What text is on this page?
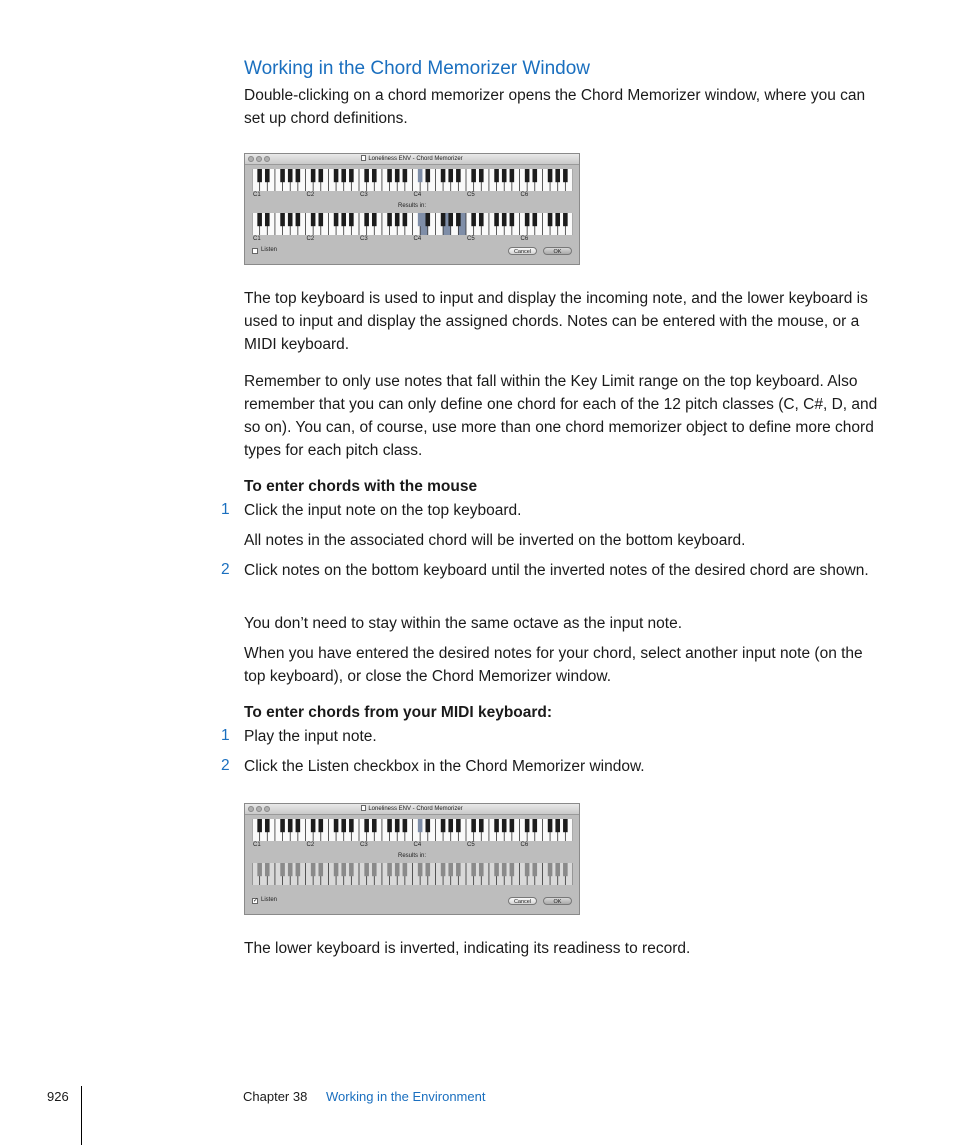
Working in the Chord Memorizer Window

Double-clicking on a chord memorizer opens the Chord Memorizer window, where you can set up chord definitions.

Loneliness ENV - Chord Memorizer
C1	C2	C3	C4	C5	C6
Results in:
C1	C2	C3	C4	C5	C6
Listen	Cancel	OK

The top keyboard is used to input and display the incoming note, and the lower keyboard is used to input and display the assigned chords. Notes can be entered with the mouse, or a MIDI keyboard.

Remember to only use notes that fall within the Key Limit range on the top keyboard. Also remember that you can only define one chord for each of the 12 pitch classes (C, C#, D, and so on). You can, of course, use more than one chord memorizer object to define more chord types for each pitch class.

To enter chords with the mouse

1 Click the input note on the top keyboard.

All notes in the associated chord will be inverted on the bottom keyboard.

2 Click notes on the bottom keyboard until the inverted notes of the desired chord are shown.

You don’t need to stay within the same octave as the input note.

When you have entered the desired notes for your chord, select another input note (on the top keyboard), or close the Chord Memorizer window.

To enter chords from your MIDI keyboard:

1 Play the input note.

2 Click the Listen checkbox in the Chord Memorizer window.

Loneliness ENV - Chord Memorizer
C1	C2	C3	C4	C5	C6
Results in:
✓ Listen	Cancel	OK

The lower keyboard is inverted, indicating its readiness to record.

926	Chapter 38 Working in the Environment
